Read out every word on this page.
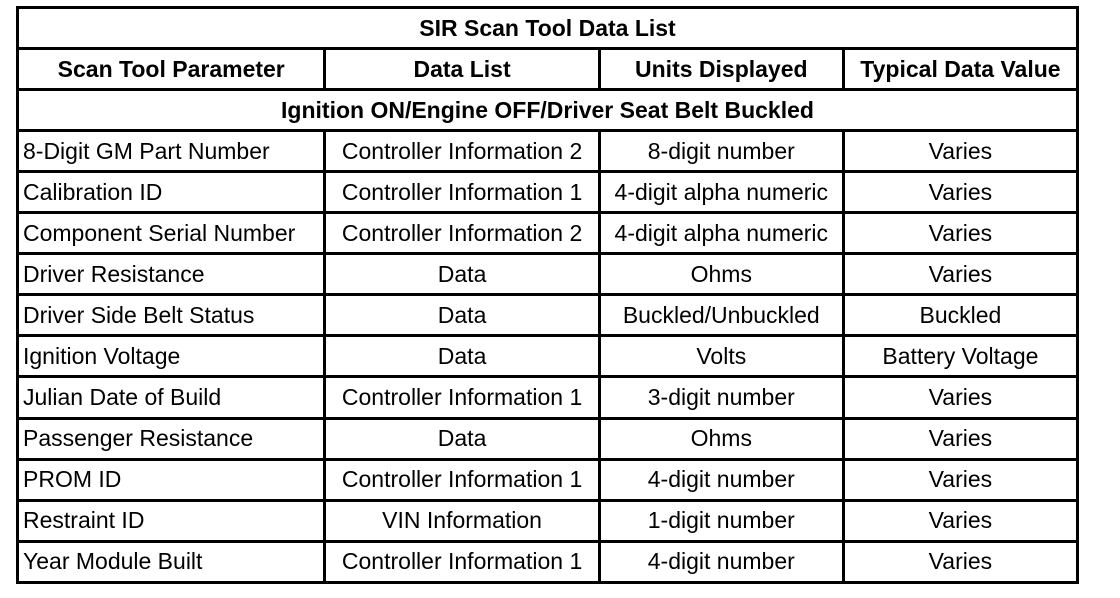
SIR Scan Tool Data List			
Scan Tool Parameter	Data List	Units Displayed	Typical Data Value
Ignition ON/Engine OFF/Driver Seat Belt Buckled			
8-Digit GM Part Number	Controller Information 2	8-digit number	Varies
Calibration ID	Controller Information 1	4-digit alpha numeric	Varies
Component Serial Number	Controller Information 2	4-digit alpha numeric	Varies
Driver Resistance	Data	Ohms	Varies
Driver Side Belt Status	Data	Buckled/Unbuckled	Buckled
Ignition Voltage	Data	Volts	Battery Voltage
Julian Date of Build	Controller Information 1	3-digit number	Varies
Passenger Resistance	Data	Ohms	Varies
PROM ID	Controller Information 1	4-digit number	Varies
Restraint ID	VIN Information	1-digit number	Varies
Year Module Built	Controller Information 1	4-digit number	Varies
